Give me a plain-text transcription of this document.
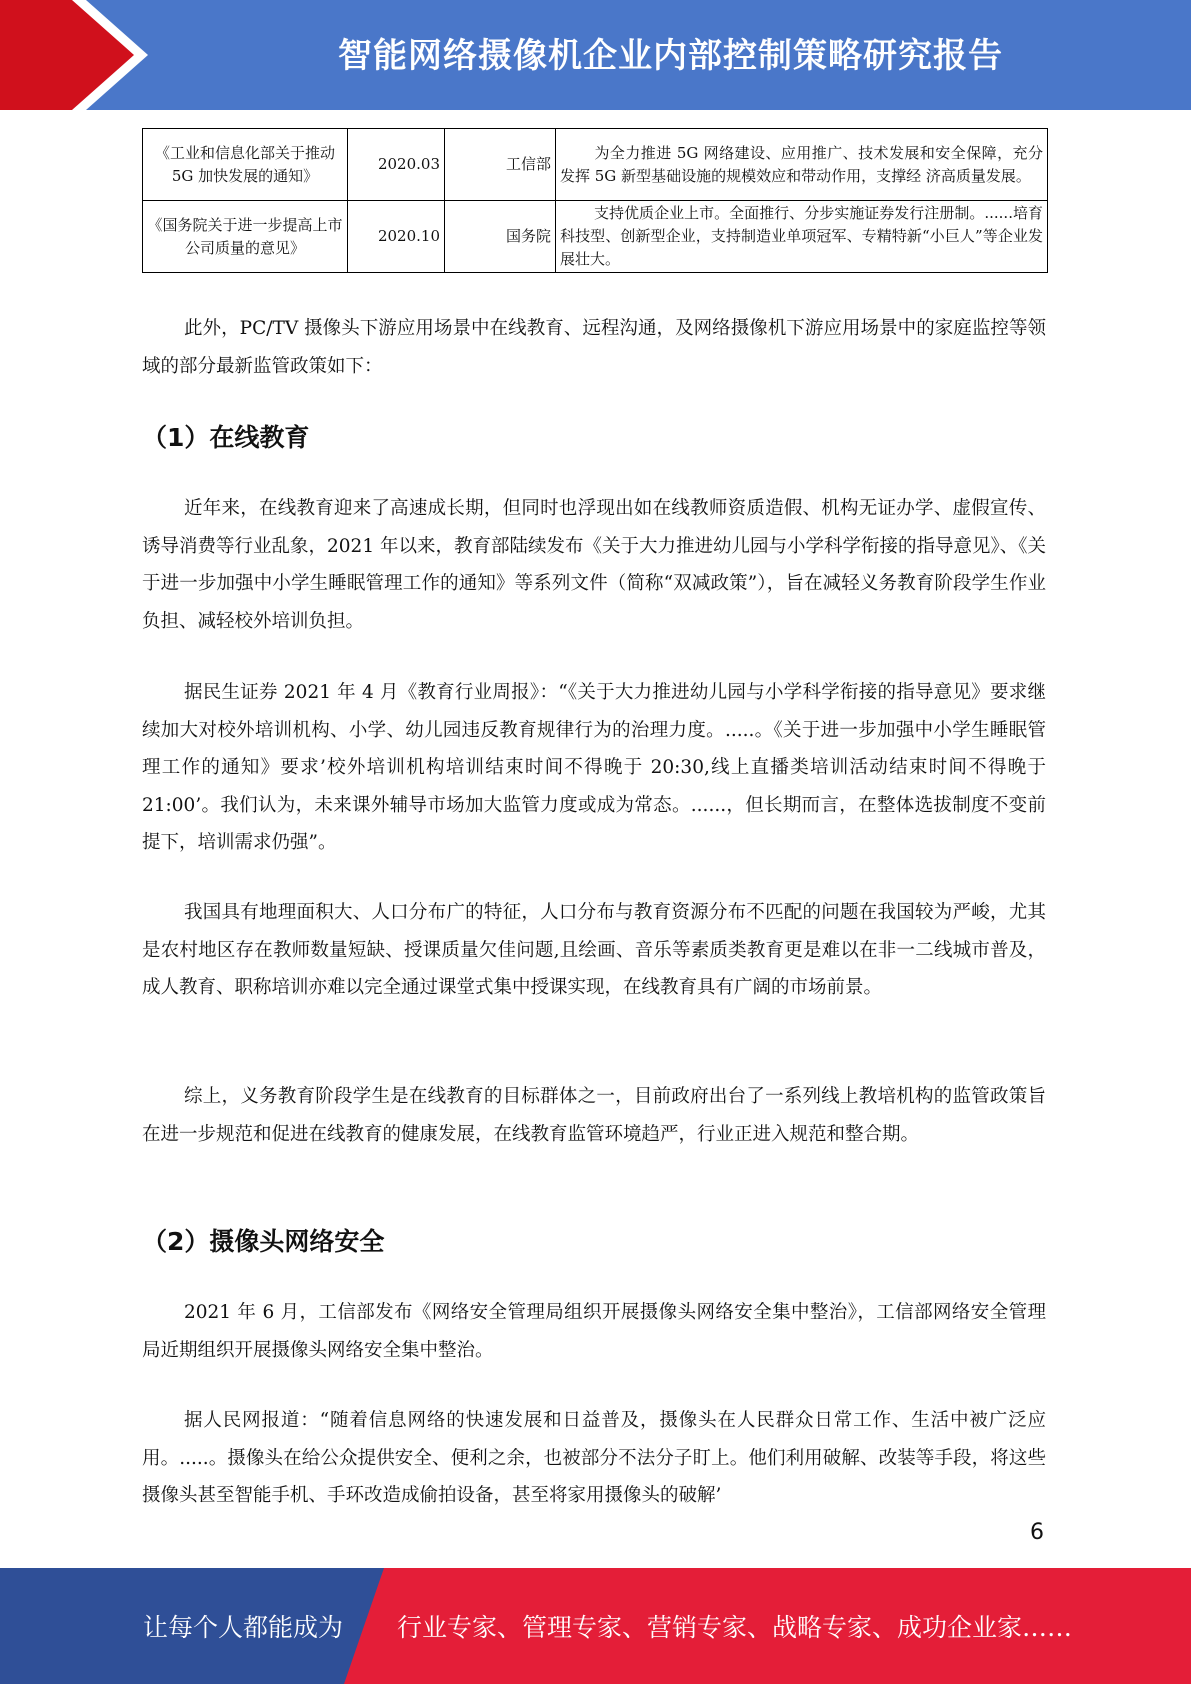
智能网络摄像机企业内部控制策略研究报告
《工业和信息化部关于推动 5G 加快发展的通知》	2020.03	工信部	为全力推进 5G 网络建设、应用推广、技术发展和安全保障，充分发挥 5G 新型基础设施的规模效应和带动作用，支撑经 济高质量发展。
《国务院关于进一步提高上市公司质量的意见》	2020.10	国务院	支持优质企业上市。全面推行、分步实施证券发行注册制。......培育科技型、创新型企业，支持制造业单项冠军、专精特新“小巨人”等企业发展壮大。

此外，PC/TV 摄像头下游应用场景中在线教育、远程沟通，及网络摄像机下游应用场景中的家庭监控等领域的部分最新监管政策如下：

（1）在线教育

近年来，在线教育迎来了高速成长期，但同时也浮现出如在线教师资质造假、机构无证办学、虚假宣传、诱导消费等行业乱象，2021 年以来，教育部陆续发布《关于大力推进幼儿园与小学科学衔接的指导意见》、《关于进一步加强中小学生睡眠管理工作的通知》等系列文件（简称“双减政策”），旨在减轻义务教育阶段学生作业负担、减轻校外培训负担。

据民生证券 2021 年 4 月《教育行业周报》：“《关于大力推进幼儿园与小学科学衔接的指导意见》要求继续加大对校外培训机构、小学、幼儿园违反教育规律行为的治理力度。.....。《关于进一步加强中小学生睡眠管理工作的通知》要求’校外培训机构培训结束时间不得晚于 20:30,线上直播类培训活动结束时间不得晚于 21:00’。我们认为，未来课外辅导市场加大监管力度或成为常态。......，但长期而言，在整体选拔制度不变前提下，培训需求仍强”。

我国具有地理面积大、人口分布广的特征，人口分布与教育资源分布不匹配的问题在我国较为严峻，尤其是农村地区存在教师数量短缺、授课质量欠佳问题,且绘画、音乐等素质类教育更是难以在非一二线城市普及，成人教育、职称培训亦难以完全通过课堂式集中授课实现，在线教育具有广阔的市场前景。

综上，义务教育阶段学生是在线教育的目标群体之一，目前政府出台了一系列线上教培机构的监管政策旨在进一步规范和促进在线教育的健康发展，在线教育监管环境趋严，行业正进入规范和整合期。

（2）摄像头网络安全

2021 年 6 月，工信部发布《网络安全管理局组织开展摄像头网络安全集中整治》，工信部网络安全管理局近期组织开展摄像头网络安全集中整治。

据人民网报道：“随着信息网络的快速发展和日益普及，摄像头在人民群众日常工作、生活中被广泛应用。.....。摄像头在给公众提供安全、便利之余，也被部分不法分子盯上。他们利用破解、改装等手段，将这些摄像头甚至智能手机、手环改造成偷拍设备，甚至将家用摄像头的破解’

6
让每个人都能成为 行业专家、管理专家、营销专家、战略专家、成功企业家……
